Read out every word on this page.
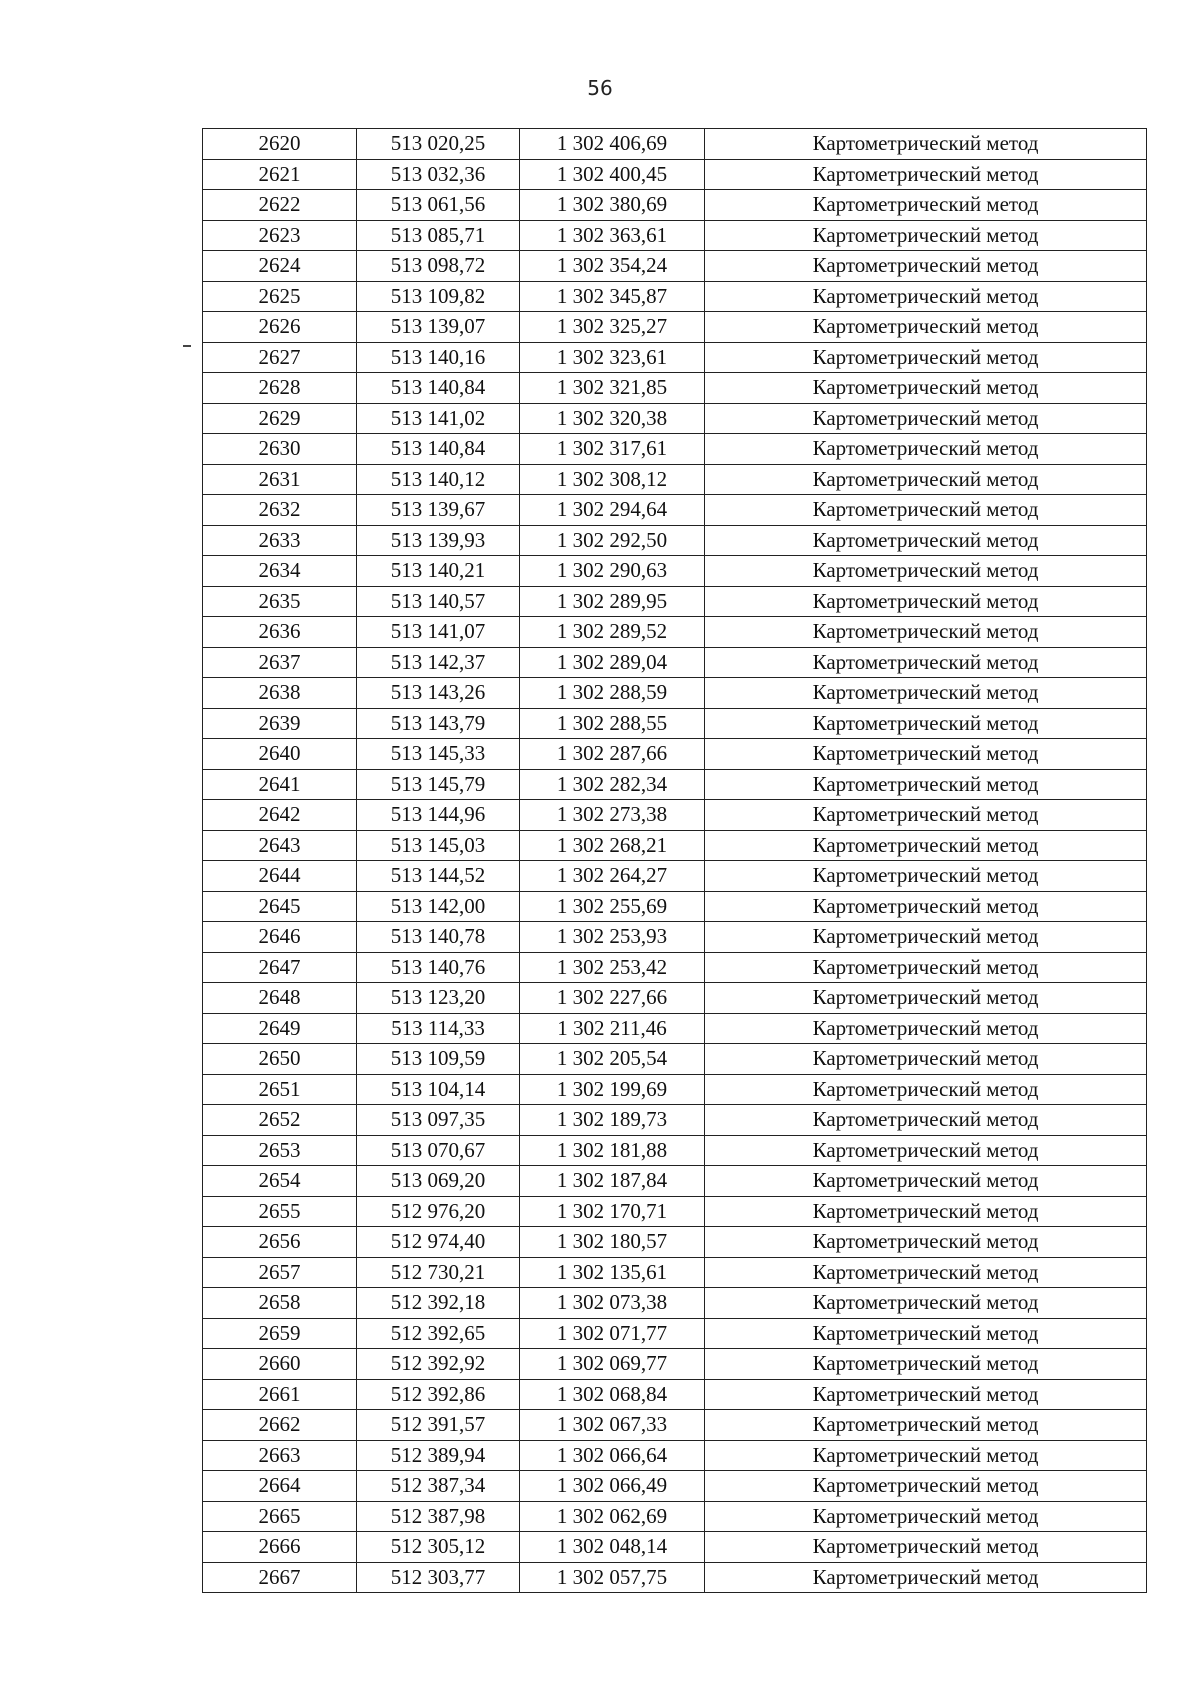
56
2620	513 020,25	1 302 406,69	Картометрический метод
2621	513 032,36	1 302 400,45	Картометрический метод
2622	513 061,56	1 302 380,69	Картометрический метод
2623	513 085,71	1 302 363,61	Картометрический метод
2624	513 098,72	1 302 354,24	Картометрический метод
2625	513 109,82	1 302 345,87	Картометрический метод
2626	513 139,07	1 302 325,27	Картометрический метод
2627	513 140,16	1 302 323,61	Картометрический метод
2628	513 140,84	1 302 321,85	Картометрический метод
2629	513 141,02	1 302 320,38	Картометрический метод
2630	513 140,84	1 302 317,61	Картометрический метод
2631	513 140,12	1 302 308,12	Картометрический метод
2632	513 139,67	1 302 294,64	Картометрический метод
2633	513 139,93	1 302 292,50	Картометрический метод
2634	513 140,21	1 302 290,63	Картометрический метод
2635	513 140,57	1 302 289,95	Картометрический метод
2636	513 141,07	1 302 289,52	Картометрический метод
2637	513 142,37	1 302 289,04	Картометрический метод
2638	513 143,26	1 302 288,59	Картометрический метод
2639	513 143,79	1 302 288,55	Картометрический метод
2640	513 145,33	1 302 287,66	Картометрический метод
2641	513 145,79	1 302 282,34	Картометрический метод
2642	513 144,96	1 302 273,38	Картометрический метод
2643	513 145,03	1 302 268,21	Картометрический метод
2644	513 144,52	1 302 264,27	Картометрический метод
2645	513 142,00	1 302 255,69	Картометрический метод
2646	513 140,78	1 302 253,93	Картометрический метод
2647	513 140,76	1 302 253,42	Картометрический метод
2648	513 123,20	1 302 227,66	Картометрический метод
2649	513 114,33	1 302 211,46	Картометрический метод
2650	513 109,59	1 302 205,54	Картометрический метод
2651	513 104,14	1 302 199,69	Картометрический метод
2652	513 097,35	1 302 189,73	Картометрический метод
2653	513 070,67	1 302 181,88	Картометрический метод
2654	513 069,20	1 302 187,84	Картометрический метод
2655	512 976,20	1 302 170,71	Картометрический метод
2656	512 974,40	1 302 180,57	Картометрический метод
2657	512 730,21	1 302 135,61	Картометрический метод
2658	512 392,18	1 302 073,38	Картометрический метод
2659	512 392,65	1 302 071,77	Картометрический метод
2660	512 392,92	1 302 069,77	Картометрический метод
2661	512 392,86	1 302 068,84	Картометрический метод
2662	512 391,57	1 302 067,33	Картометрический метод
2663	512 389,94	1 302 066,64	Картометрический метод
2664	512 387,34	1 302 066,49	Картометрический метод
2665	512 387,98	1 302 062,69	Картометрический метод
2666	512 305,12	1 302 048,14	Картометрический метод
2667	512 303,77	1 302 057,75	Картометрический метод
